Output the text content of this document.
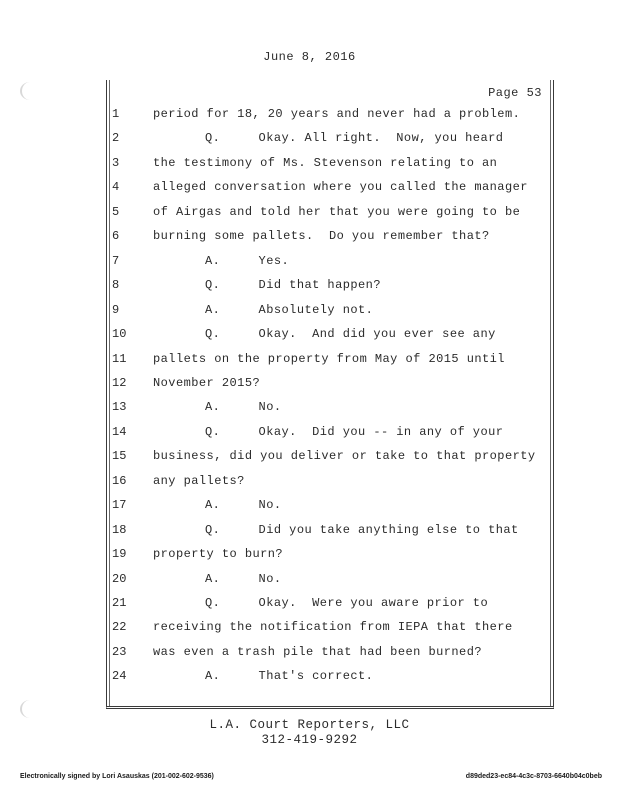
June 8, 2016
Page 53
1	period for 18, 20 years and never had a problem.
2	Q.     Okay. All right.  Now, you heard
3	the testimony of Ms. Stevenson relating to an
4	alleged conversation where you called the manager
5	of Airgas and told her that you were going to be
6	burning some pallets.  Do you remember that?
7	A.     Yes.
8	Q.     Did that happen?
9	A.     Absolutely not.
10	Q.     Okay.  And did you ever see any
11	pallets on the property from May of 2015 until
12	November 2015?
13	A.     No.
14	Q.     Okay.  Did you -- in any of your
15	business, did you deliver or take to that property
16	any pallets?
17	A.     No.
18	Q.     Did you take anything else to that
19	property to burn?
20	A.     No.
21	Q.     Okay.  Were you aware prior to
22	receiving the notification from IEPA that there
23	was even a trash pile that had been burned?
24	A.     That's correct.
L.A. Court Reporters, LLC
312-419-9292
Electronically signed by Lori Asauskas (201-002-602-9536)	d89ded23-ec84-4c3c-8703-6640b04c0beb
